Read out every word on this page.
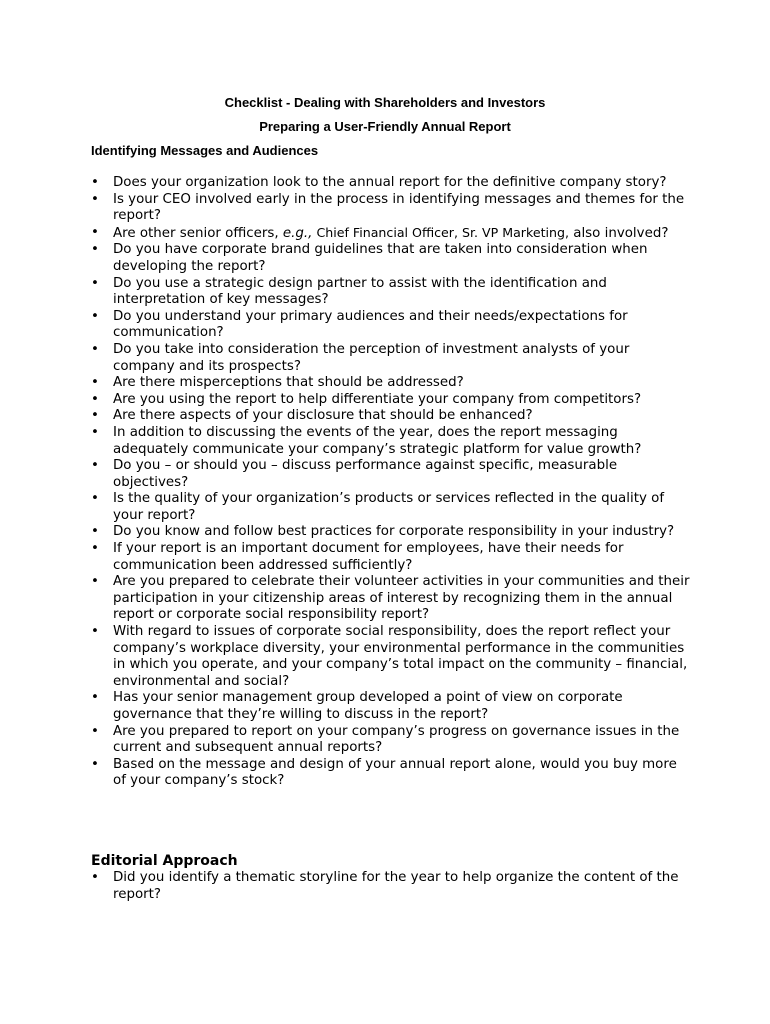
Checklist - Dealing with Shareholders and Investors
Preparing a User-Friendly Annual Report
Identifying Messages and Audiences
•	Does your organization look to the annual report for the definitive company story?
•	Is your CEO involved early in the process in identifying messages and themes for the report?
•	Are other senior officers, e.g., Chief Financial Officer, Sr. VP Marketing, also involved?
•	Do you have corporate brand guidelines that are taken into consideration when developing the report?
•	Do you use a strategic design partner to assist with the identification and interpretation of key messages?
•	Do you understand your primary audiences and their needs/expectations for communication?
•	Do you take into consideration the perception of investment analysts of your company and its prospects?
•	Are there misperceptions that should be addressed?
•	Are you using the report to help differentiate your company from competitors?
•	Are there aspects of your disclosure that should be enhanced?
•	In addition to discussing the events of the year, does the report messaging adequately communicate your company’s strategic platform for value growth?
•	Do you – or should you – discuss performance against specific, measurable objectives?
•	Is the quality of your organization’s products or services reflected in the quality of your report?
•	Do you know and follow best practices for corporate responsibility in your industry?
•	If your report is an important document for employees, have their needs for communication been addressed sufficiently?
•	Are you prepared to celebrate their volunteer activities in your communities and their participation in your citizenship areas of interest by recognizing them in the annual report or corporate social responsibility report?
•	With regard to issues of corporate social responsibility, does the report reflect your company’s workplace diversity, your environmental performance in the communities in which you operate, and your company’s total impact on the community – financial, environmental and social?
•	Has your senior management group developed a point of view on corporate governance that they’re willing to discuss in the report?
•	Are you prepared to report on your company’s progress on governance issues in the current and subsequent annual reports?
•	Based on the message and design of your annual report alone, would you buy more of your company’s stock?
Editorial Approach
•	Did you identify a thematic storyline for the year to help organize the content of the report?
